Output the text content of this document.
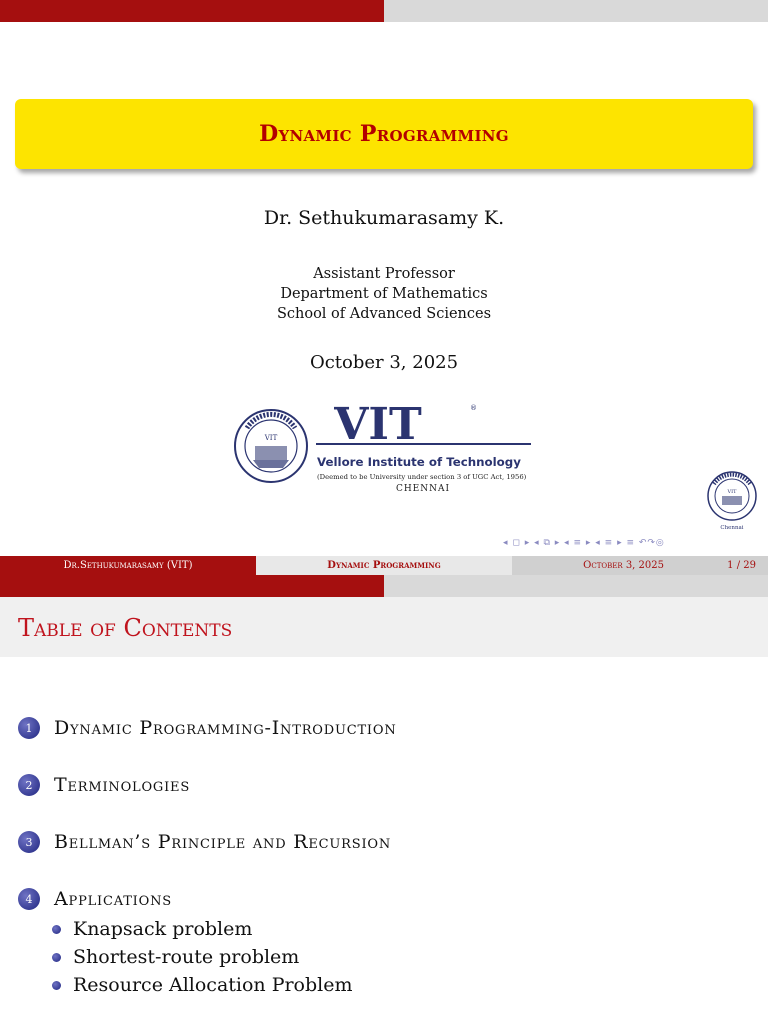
Dynamic Programming
Dr. Sethukumarasamy K.
Assistant Professor
Department of Mathematics
School of Advanced Sciences
October 3, 2025
VIT VIT	®
Vellore Institute of Technology
(Deemed to be University under section 3 of UGC Act, 1956)
CHENNAI	VIT
Chennai
◂ ◻ ▸ ◂ ⧉ ▸ ◂ ≡ ▸ ◂ ≡ ▸ ≡ ↶↷◎
Dr.Sethukumarasamy (VIT)	Dynamic Programming	October 3, 2025	1 / 29
Table of Contents
1	Dynamic Programming-Introduction
2	Terminologies
3	Bellman’s Principle and Recursion
4	Applications
Knapsack problem
Shortest-route problem
Resource Allocation Problem
